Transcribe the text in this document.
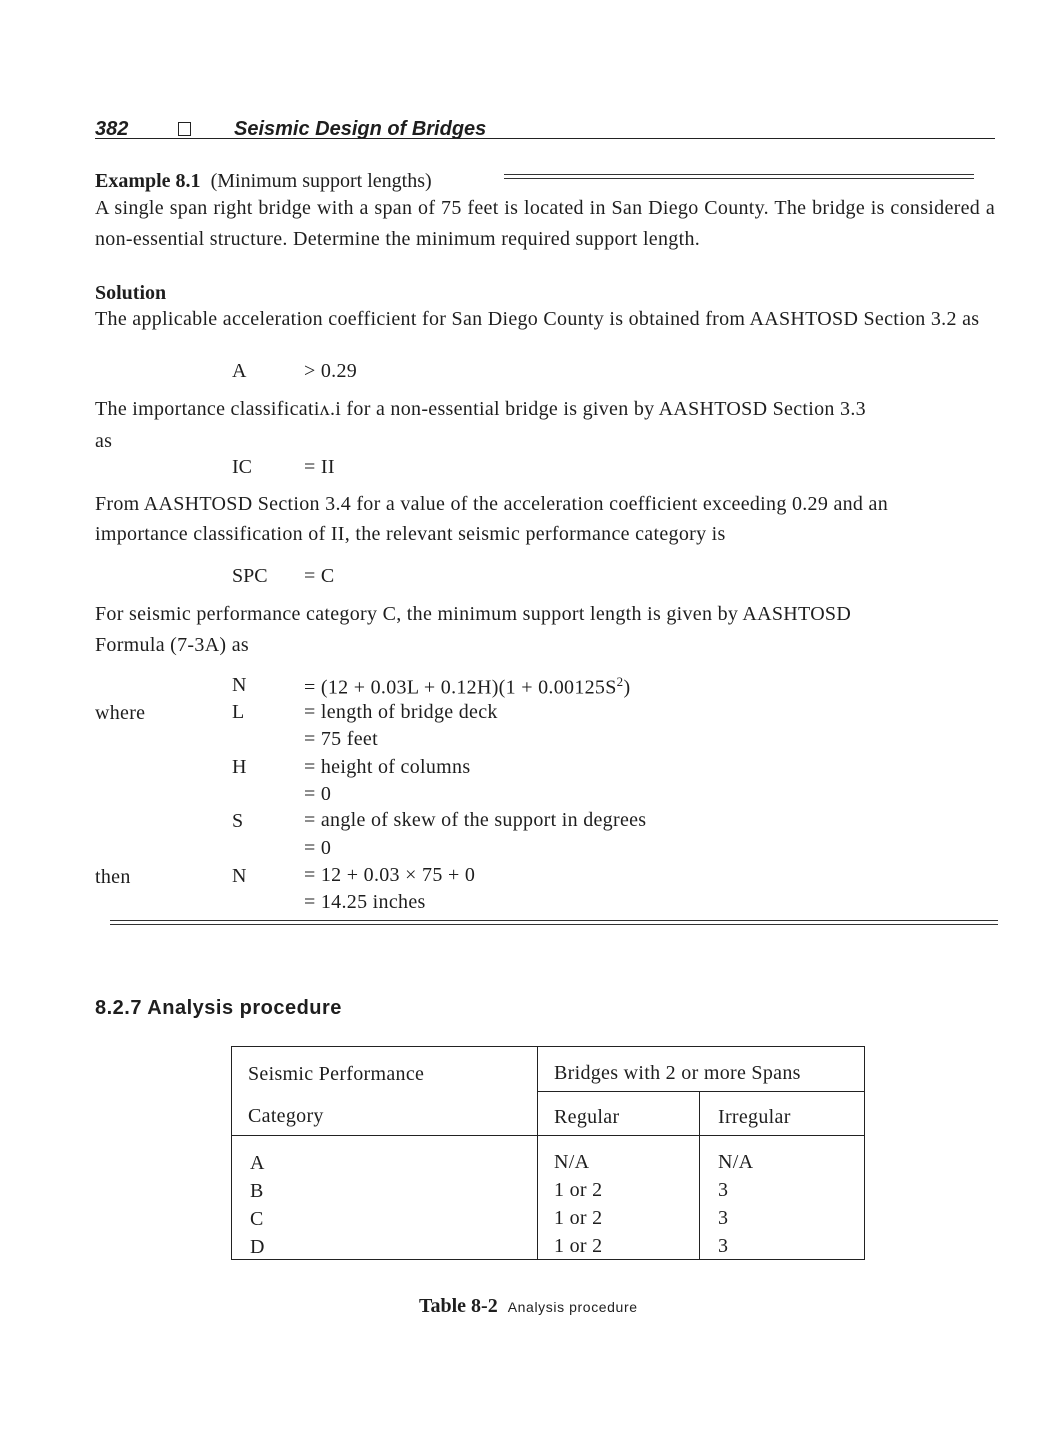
382	Seismic Design of Bridges
Example 8.1 (Minimum support lengths)
A single span right bridge with a span of 75 feet is located in San Diego County. The bridge is considered a non-essential structure. Determine the minimum required support length.
Solution
The applicable acceleration coefficient for San Diego County is obtained from AASHTOSD Section 3.2 as
A	> 0.29
The importance classificatiʌ.i for a non-essential bridge is given by AASHTOSD Section 3.3
as
IC	= II
From AASHTOSD Section 3.4 for a value of the acceleration coefficient exceeding 0.29 and an
importance classification of II, the relevant seismic performance category is
SPC = C
For seismic performance category C, the minimum support length is given by AASHTOSD
Formula (7-3A) as
N	= $(12 + 0.03L + 0.12H)(1 + 0.00125S^2)$
where	L	= length of bridge deck
= 75 feet
H	= height of columns
= 0
S	= angle of skew of the support in degrees
= 0
then	N	= 12 + 0.03 × 75 + 0
= 14.25 inches
8.2.7 Analysis procedure
Seismic Performance
Category
Bridges with 2 or more Spans
Regular	Irregular
A	N/A	N/A
B	1 or 2	3
C	1 or 2	3
D	1 or 2	3
Table 8-2 Analysis procedure
